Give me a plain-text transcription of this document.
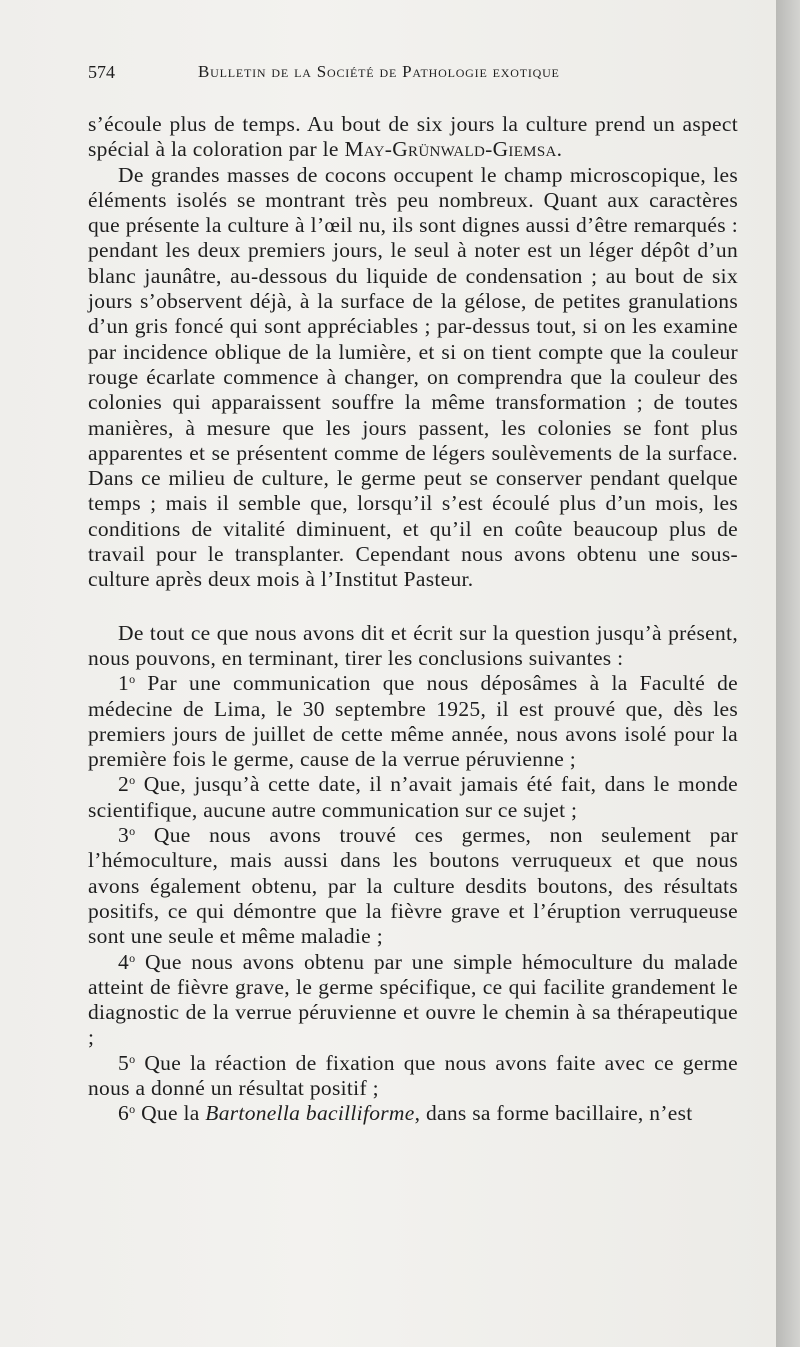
574	Bulletin de la Société de Pathologie exotique

s’écoule plus de temps. Au bout de six jours la culture prend un aspect spécial à la coloration par le May-Grünwald-Giemsa.

De grandes masses de cocons occupent le champ microscopique, les éléments isolés se montrant très peu nombreux. Quant aux caractères que présente la culture à l’œil nu, ils sont dignes aussi d’être remarqués : pendant les deux premiers jours, le seul à noter est un léger dépôt d’un blanc jaunâtre, au-dessous du liquide de condensation ; au bout de six jours s’observent déjà, à la surface de la gélose, de petites granulations d’un gris foncé qui sont appréciables ; par-dessus tout, si on les examine par incidence oblique de la lumière, et si on tient compte que la couleur rouge écarlate commence à changer, on comprendra que la couleur des colonies qui apparaissent souffre la même transformation ; de toutes manières, à mesure que les jours passent, les colonies se font plus apparentes et se présentent comme de légers soulèvements de la surface. Dans ce milieu de culture, le germe peut se conserver pendant quelque temps ; mais il semble que, lorsqu’il s’est écoulé plus d’un mois, les conditions de vitalité diminuent, et qu’il en coûte beaucoup plus de travail pour le transplanter. Cependant nous avons obtenu une sous-culture après deux mois à l’Institut Pasteur.

De tout ce que nous avons dit et écrit sur la question jusqu’à présent, nous pouvons, en terminant, tirer les conclusions suivantes :

1$^o$ Par une communication que nous déposâmes à la Faculté de médecine de Lima, le 30 septembre 1925, il est prouvé que, dès les premiers jours de juillet de cette même année, nous avons isolé pour la première fois le germe, cause de la verrue péruvienne ;

2$^o$ Que, jusqu’à cette date, il n’avait jamais été fait, dans le monde scientifique, aucune autre communication sur ce sujet ;

3$^o$ Que nous avons trouvé ces germes, non seulement par l’hémoculture, mais aussi dans les boutons verruqueux et que nous avons également obtenu, par la culture desdits boutons, des résultats positifs, ce qui démontre que la fièvre grave et l’éruption verruqueuse sont une seule et même maladie ;

4$^o$ Que nous avons obtenu par une simple hémoculture du malade atteint de fièvre grave, le germe spécifique, ce qui facilite grandement le diagnostic de la verrue péruvienne et ouvre le chemin à sa thérapeutique ;

5$^o$ Que la réaction de fixation que nous avons faite avec ce germe nous a donné un résultat positif ;

6$^o$ Que la Bartonella bacilliforme, dans sa forme bacillaire, n’est
